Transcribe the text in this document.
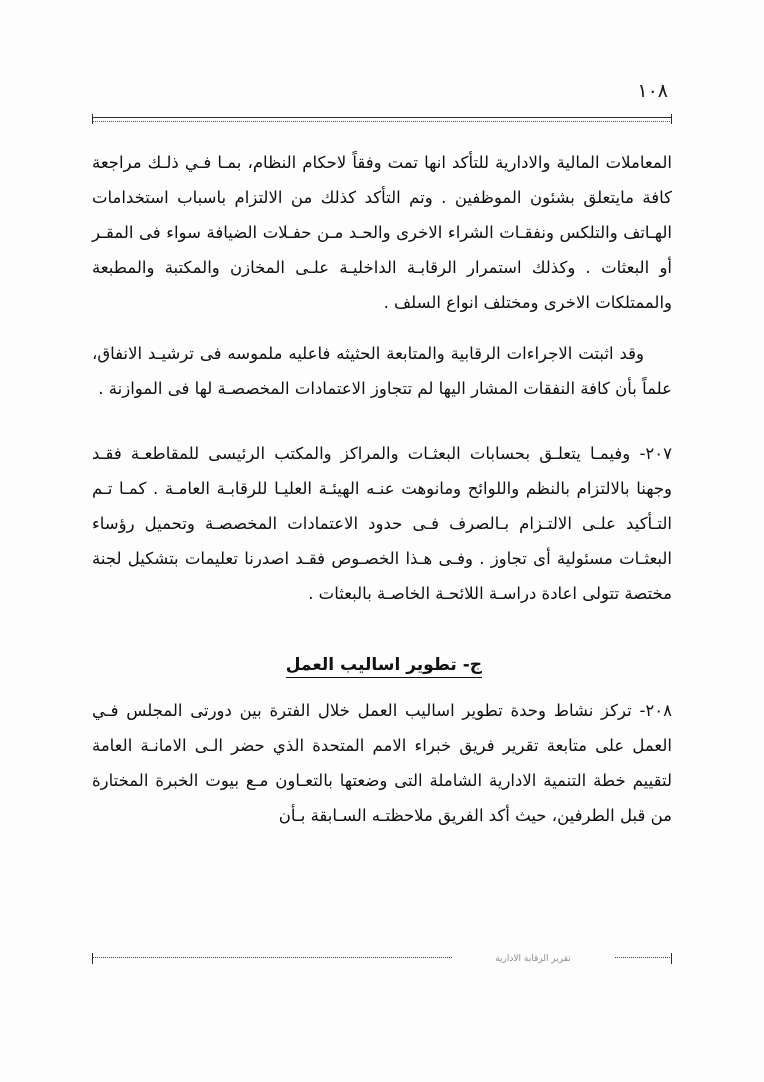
١٠٨

المعاملات المالية والادارية للتأكد انها تمت وفقاً لاحكام النظام، بمـا فـي ذلـك مراجعة كافة مايتعلق بشئون الموظفين . وتم التأكد كذلك من الالتزام باسباب استخدامات الهـاتف والتلكس ونفقـات الشراء الاخرى والحـد مـن حفـلات الضيافة سواء فى المقـر أو البعثات . وكذلك استمرار الرقابـة الداخليـة علـى المخازن والمكتبة والمطبعة والممتلكات الاخرى ومختلف انواع السلف .

وقد اثبتت الاجراءات الرقابية والمتابعة الحثيثه فاعليه ملموسه فى ترشيـد الانفاق، علماً بأن كافة النفقات المشار اليها لم تتجاوز الاعتمادات المخصصـة لها فى الموازنة .

٢٠٧- وفيمـا يتعلـق بحسابات البعثـات والمراكز والمكتب الرئيسى للمقاطعـة فقـد وجهنا بالالتزام بالنظم واللوائح ومانوهت عنـه الهيئـة العليـا للرقابـة العامـة . كمـا تـم التـأكيد علـى الالتـزام بـالصرف فـى حدود الاعتمادات المخصصـة وتحميل رؤساء البعثـات مسئولية أى تجاوز . وفـى هـذا الخصـوص فقـد اصدرنا تعليمات بتشكيل لجنة مختصة تتولى اعادة دراسـة اللائحـة الخاصـة بالبعثات .

ج- تطوير اساليب العمل

٢٠٨- تركز نشاط وحدة تطوير اساليب العمل خلال الفترة بين دورتى المجلس فـي العمل على متابعة تقرير فريق خبراء الامم المتحدة الذي حضر الـى الامانـة العامة لتقييم خطة التنمية الادارية الشاملة التى وضعتها بالتعـاون مـع بيوت الخبرة المختارة من قبل الطرفين، حيث أكد الفريق ملاحظتـه السـابقة بـأن

تقرير الرقابة الادارية
